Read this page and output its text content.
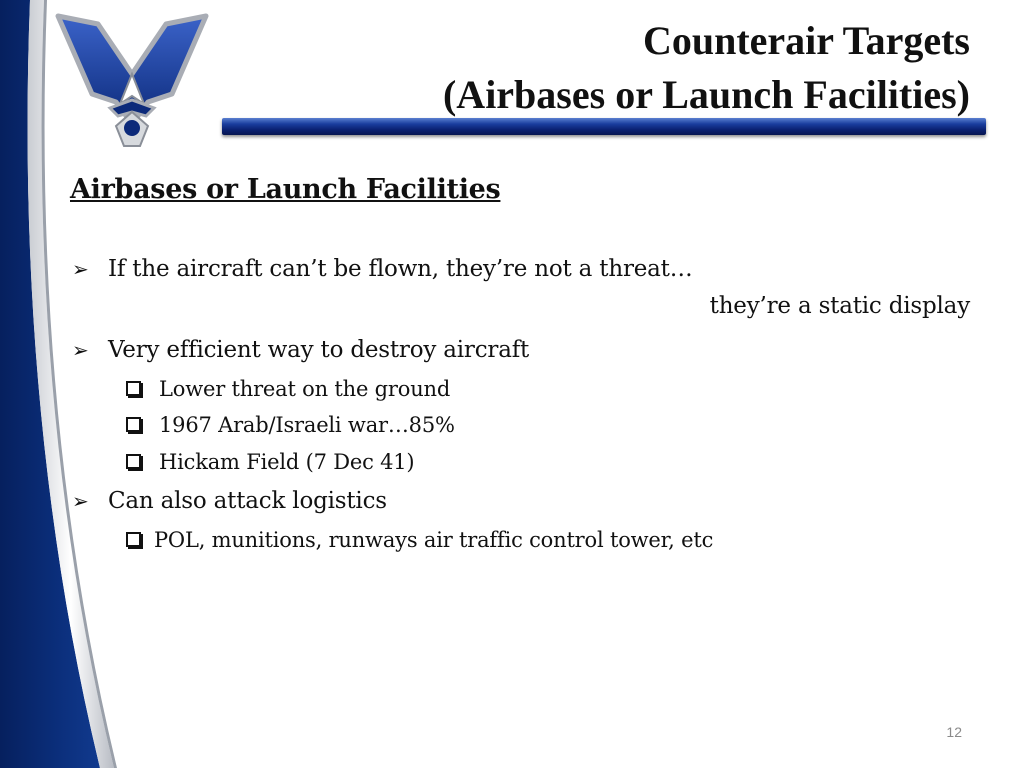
Counterair Targets
(Airbases or Launch Facilities)
Airbases or Launch Facilities
➢ If the aircraft can’t be flown, they’re not a threat…
they’re a static display
➢ Very efficient way to destroy aircraft
Lower threat on the ground
1967 Arab/Israeli war…85%
Hickam Field (7 Dec 41)
➢ Can also attack logistics
POL, munitions, runways air traffic control tower, etc
12
